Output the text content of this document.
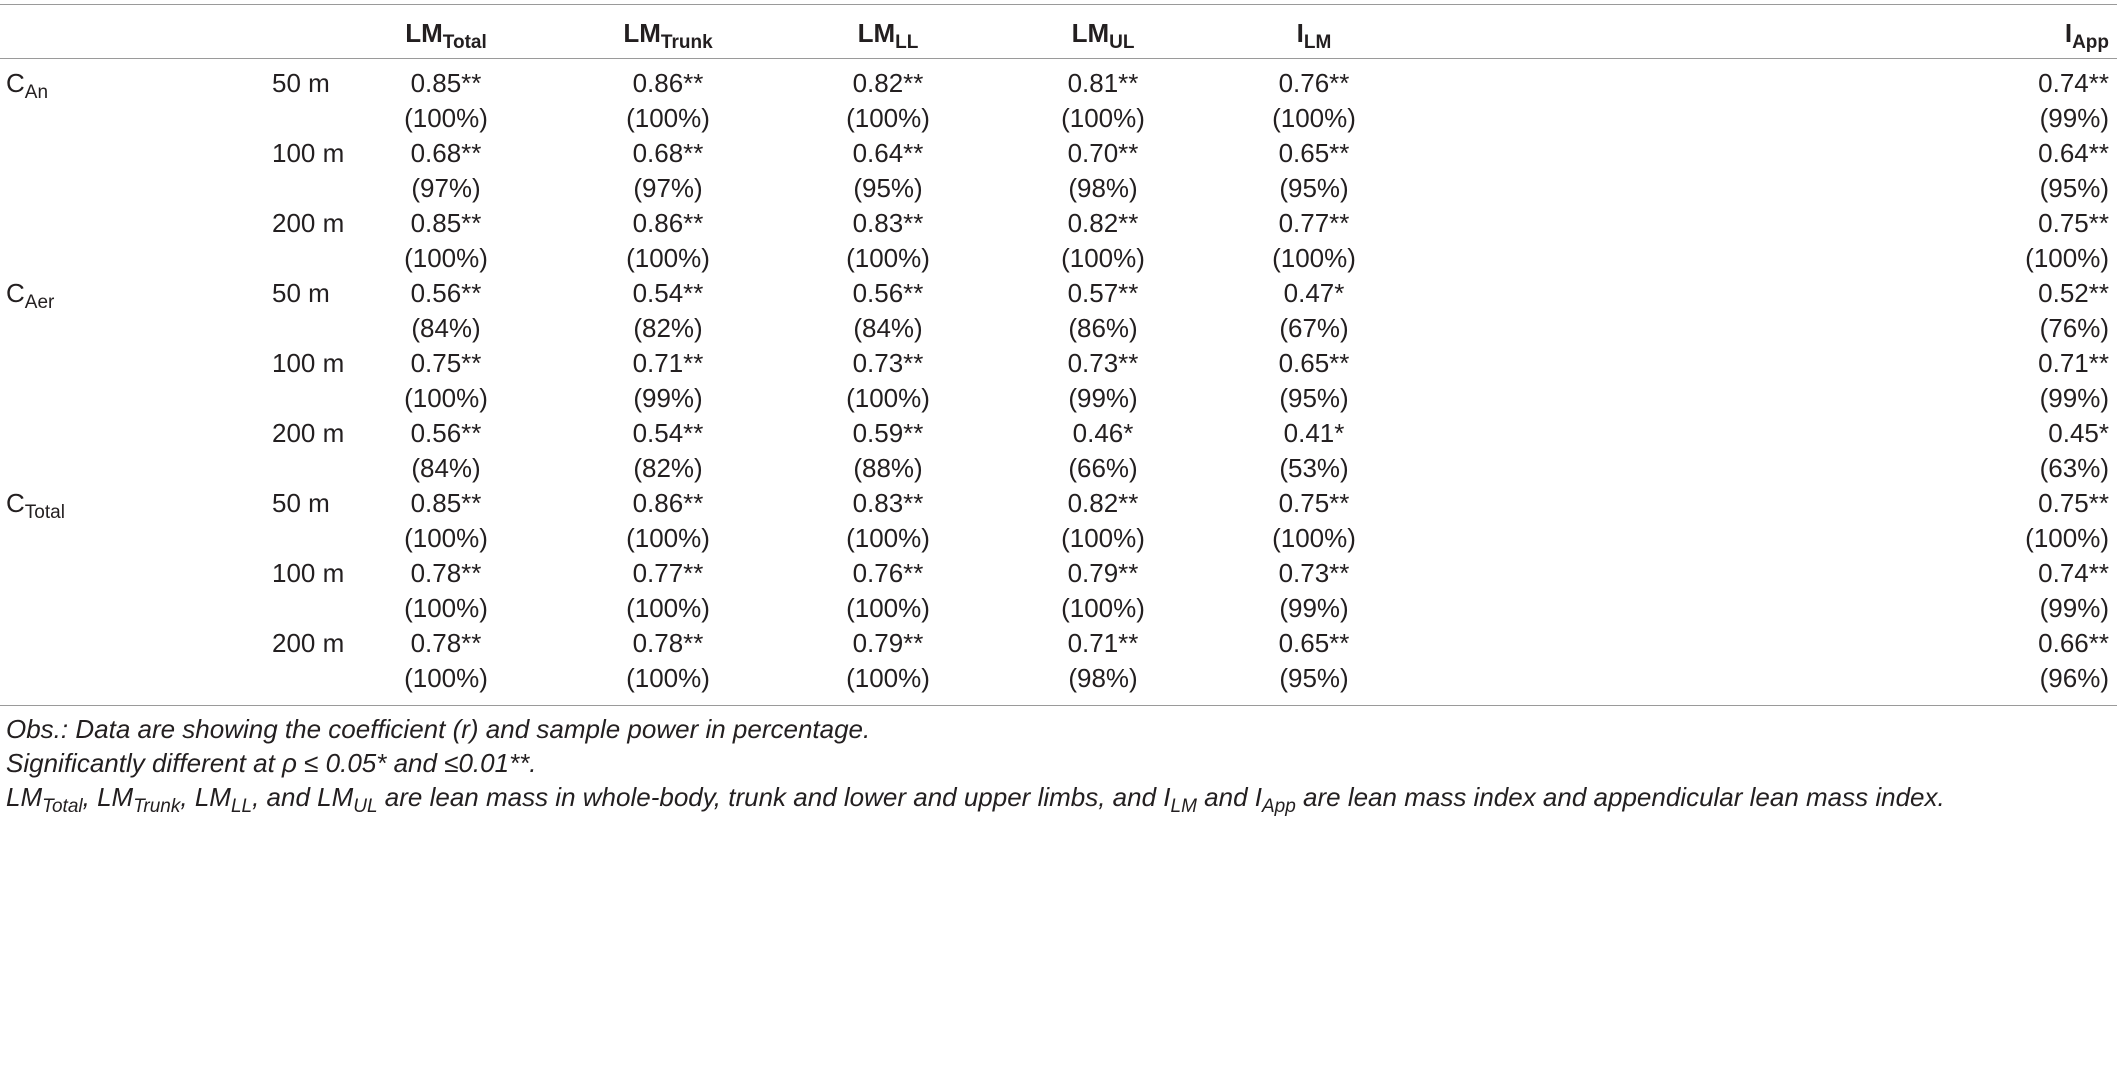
$LM_{Total}$	$LM_{Trunk}$	$LM_{LL}$	$LM_{UL}$	$I_{LM}$	$I_{App}$
$C_{An}$	50 m	0.85**	0.86**	0.82**	0.81**	0.76**	0.74**
(100%)	(100%)	(100%)	(100%)	(100%)	(99%)
100 m	0.68**	0.68**	0.64**	0.70**	0.65**	0.64**
(97%)	(97%)	(95%)	(98%)	(95%)	(95%)
200 m	0.85**	0.86**	0.83**	0.82**	0.77**	0.75**
(100%)	(100%)	(100%)	(100%)	(100%)	(100%)
$C_{Aer}$	50 m	0.56**	0.54**	0.56**	0.57**	0.47*	0.52**
(84%)	(82%)	(84%)	(86%)	(67%)	(76%)
100 m	0.75**	0.71**	0.73**	0.73**	0.65**	0.71**
(100%)	(99%)	(100%)	(99%)	(95%)	(99%)
200 m	0.56**	0.54**	0.59**	0.46*	0.41*	0.45*
(84%)	(82%)	(88%)	(66%)	(53%)	(63%)
$C_{Total}$	50 m	0.85**	0.86**	0.83**	0.82**	0.75**	0.75**
(100%)	(100%)	(100%)	(100%)	(100%)	(100%)
100 m	0.78**	0.77**	0.76**	0.79**	0.73**	0.74**
(100%)	(100%)	(100%)	(100%)	(99%)	(99%)
200 m	0.78**	0.78**	0.79**	0.71**	0.65**	0.66**
(100%)	(100%)	(100%)	(98%)	(95%)	(96%)
Obs.: Data are showing the coefficient (r) and sample power in percentage.
Significantly different at ρ ≤ 0.05* and ≤0.01**.
$LM_{Total}$, $LM_{Trunk}$, $LM_{LL}$, and $LM_{UL}$ are lean mass in whole-body, trunk and lower and upper limbs, and $I_{LM}$ and $I_{App}$ are lean mass index and appendicular lean mass index.
